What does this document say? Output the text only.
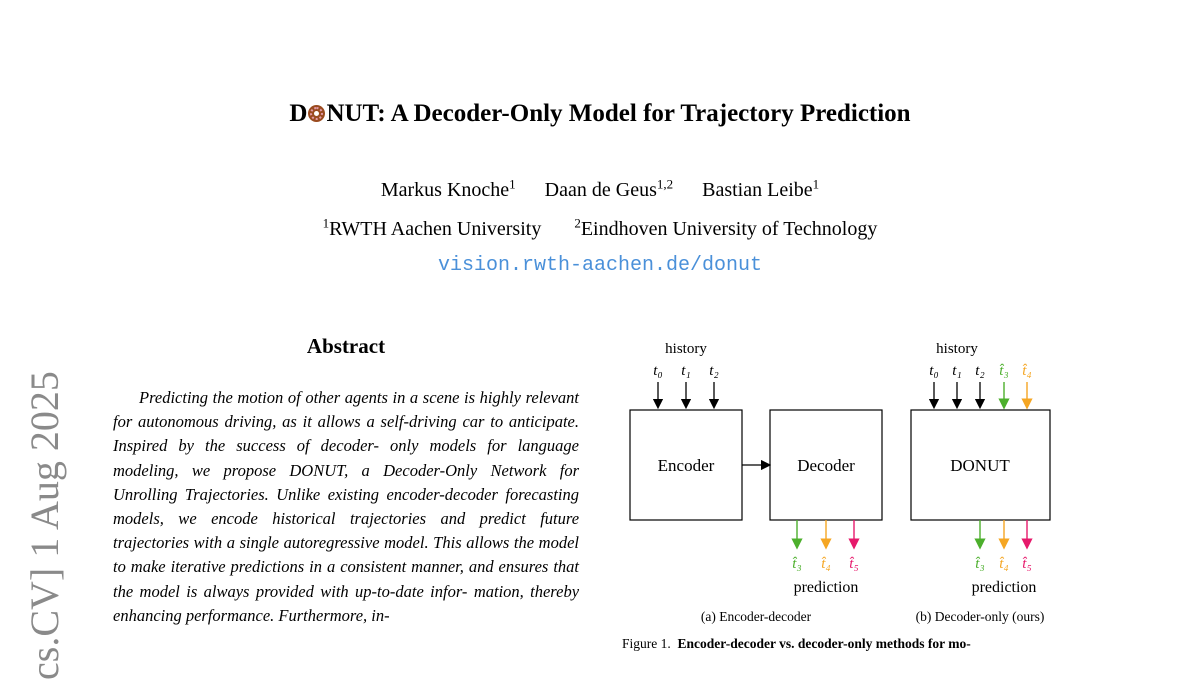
D NUT: A Decoder-Only Model for Trajectory Prediction
Markus Knoche$^1$ Daan de Geus$^{1,2}$ Bastian Leibe$^1$
$^1$RWTH Aachen University	$^2$Eindhoven University of Technology
vision.rwth-aachen.de/donut
cs.CV] 1 Aug 2025
Abstract

Predicting the motion of other agents in a scene is highly relevant for autonomous driving, as it allows a self-driving car to anticipate. Inspired by the success of decoder- only models for language modeling, we propose DONUT, a Decoder-Only Network for Unrolling Trajectories. Unlike existing encoder-decoder forecasting models, we encode historical trajectories and predict future trajectories with a single autoregressive model. This allows the model to make iterative predictions in a consistent manner, and ensures that the model is always provided with up-to-date infor- mation, thereby enhancing performance. Furthermore, in-

history
t₀ t₁ t₂
Encoder	Decoder
t̂₃ t̂₄ t̂₅
prediction
(a) Encoder-decoder
history
t₀ t₁ t₂ t̂₃ t̂₄
DONUT
t̂₃ t̂₄ t̂₅
prediction
(b) Decoder-only (ours)
Figure 1. Encoder-decoder vs. decoder-only methods for mo-
